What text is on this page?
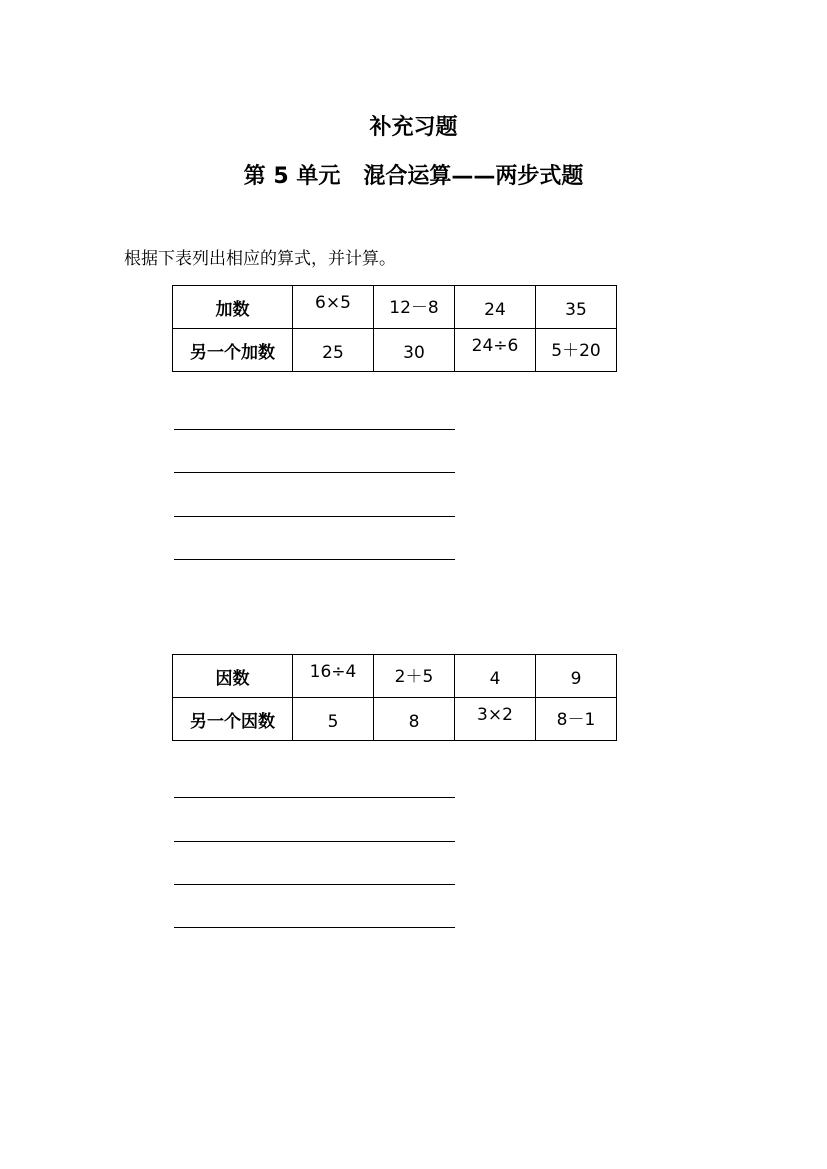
补充习题
第 5 单元 混合运算——两步式题

根据下表列出相应的算式，并计算。

加数	6×5	12－8	24	35
另一个加数	25	30	24÷6	5＋20
因数	16÷4	2＋5	4	9
另一个因数	5	8	3×2	8－1
